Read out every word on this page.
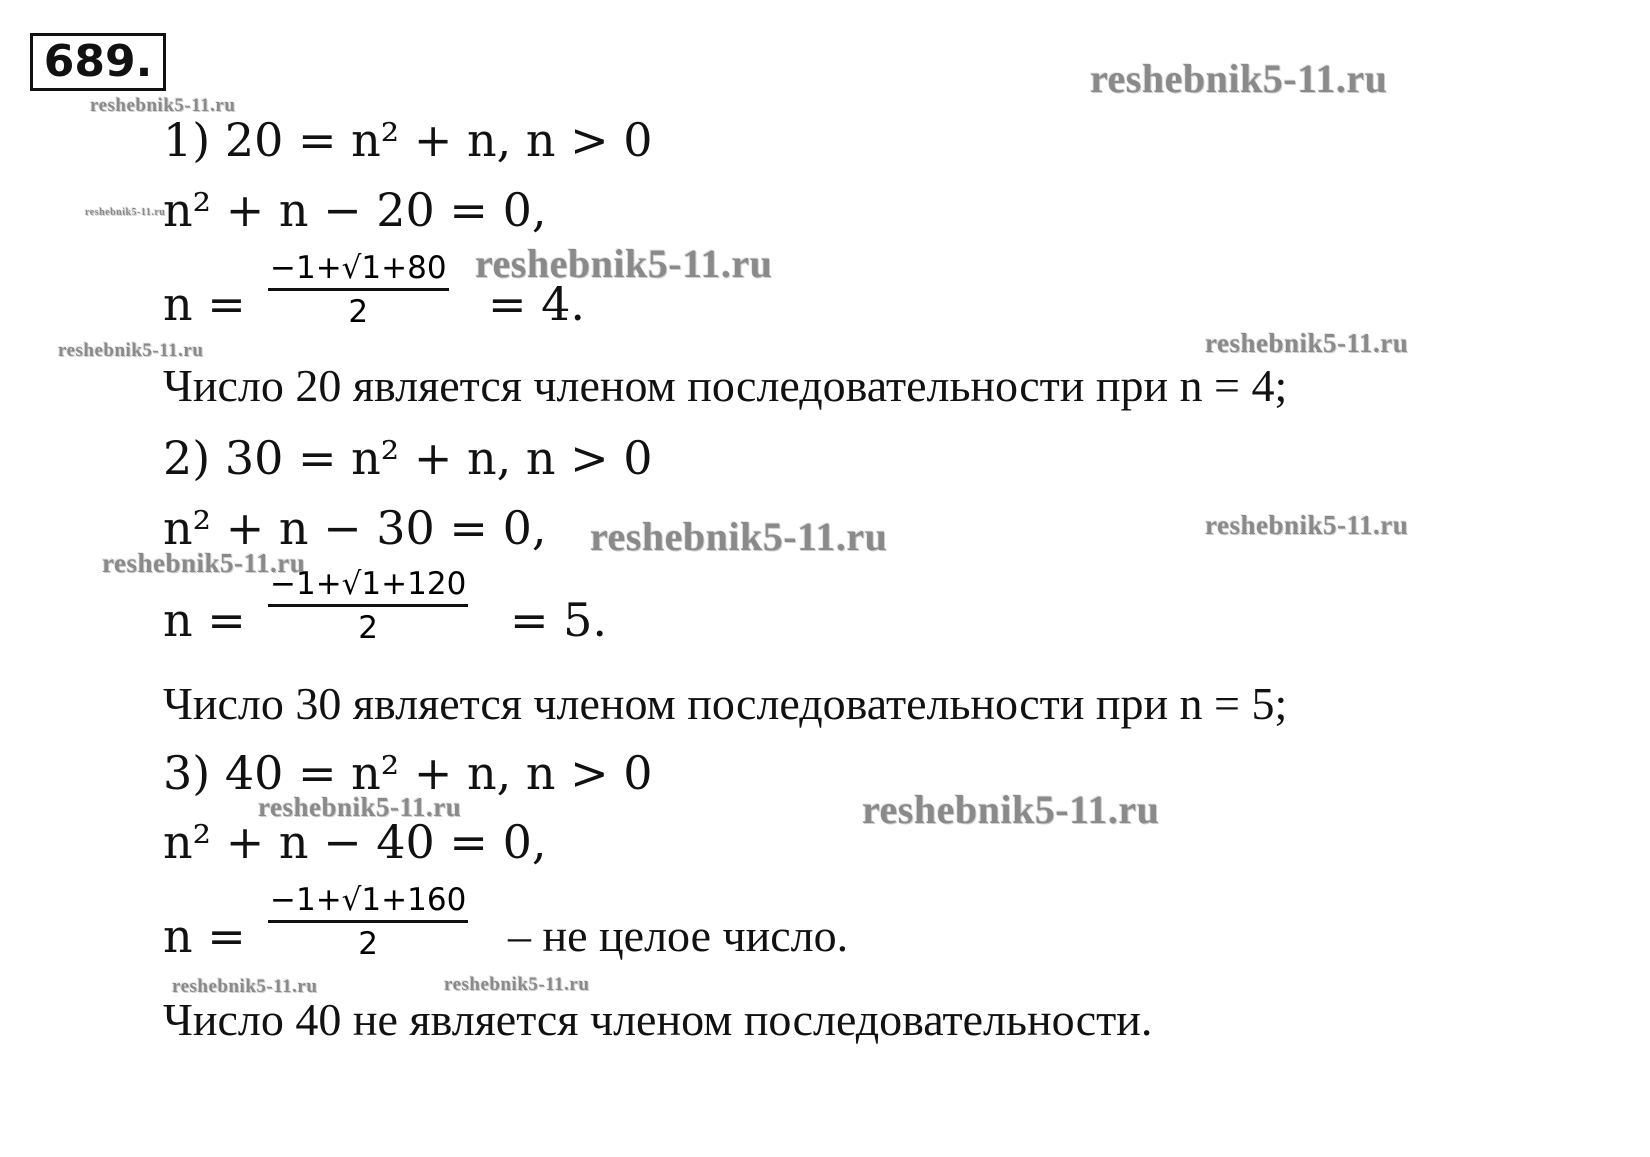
689.	reshebnik5-11.ru
reshebnik5-11.ru
reshebnik5-11.ru
reshebnik5-11.ru
reshebnik5-11.ru	reshebnik5-11.ru
reshebnik5-11.ru	reshebnik5-11.ru
reshebnik5-11.ru
reshebnik5-11.ru	reshebnik5-11.ru
reshebnik5-11.ru	reshebnik5-11.ru
1) 20 = n² + n, n > 0
n² + n − 20 = 0,
n =
−1+√1+80
2	= 4.
Число 20 является членом последовательности при n = 4;
2) 30 = n² + n, n > 0
n² + n − 30 = 0,
n =
−1+√1+120
2	= 5.
Число 30 является членом последовательности при n = 5;
3) 40 = n² + n, n > 0
n² + n − 40 = 0,
n =
−1+√1+160
2	– не целое число.
Число 40 не является членом последовательности.
